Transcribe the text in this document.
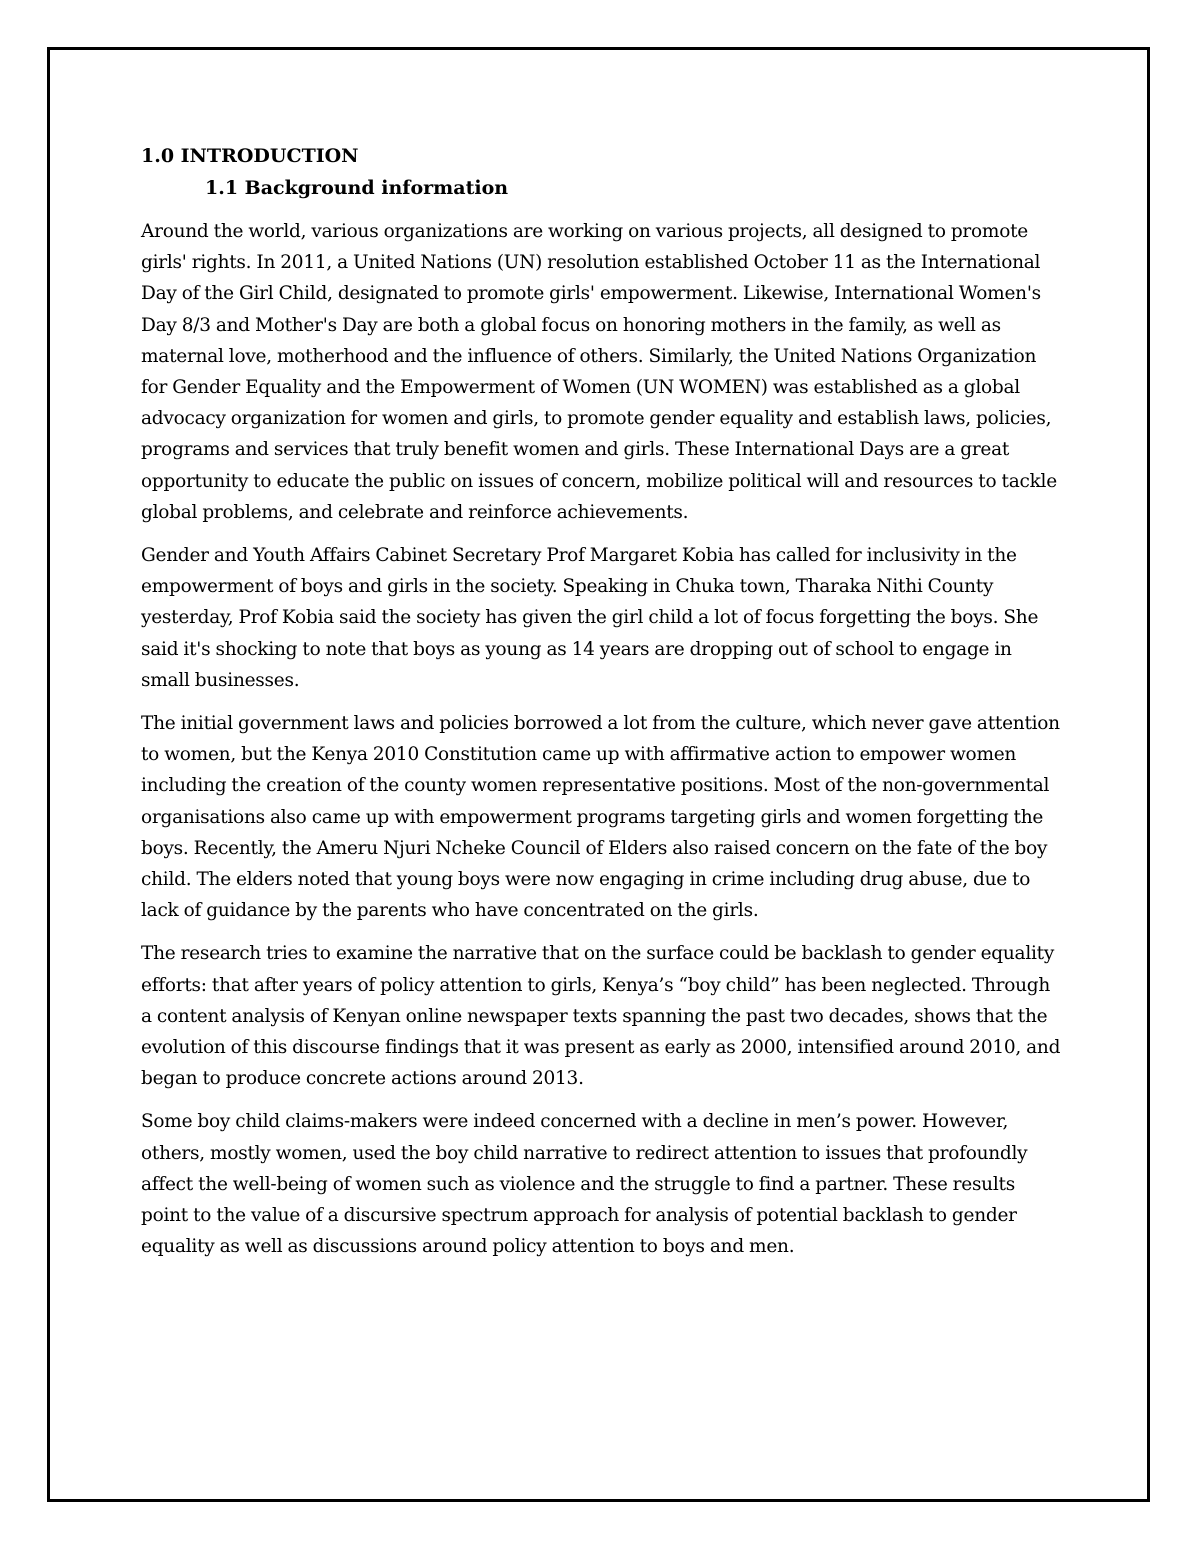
1.0 INTRODUCTION
1.1 Background information

Around the world, various organizations are working on various projects, all designed to promote girls' rights. In 2011, a United Nations (UN) resolution established October 11 as the International Day of the Girl Child, designated to promote girls' empowerment. Likewise, International Women's Day 8/3 and Mother's Day are both a global focus on honoring mothers in the family, as well as maternal love, motherhood and the influence of others. Similarly, the United Nations Organization for Gender Equality and the Empowerment of Women (UN WOMEN) was established as a global advocacy organization for women and girls, to promote gender equality and establish laws, policies, programs and services that truly benefit women and girls. These International Days are a great opportunity to educate the public on issues of concern, mobilize political will and resources to tackle global problems, and celebrate and reinforce achievements.

Gender and Youth Affairs Cabinet Secretary Prof Margaret Kobia has called for inclusivity in the empowerment of boys and girls in the society. Speaking in Chuka town, Tharaka Nithi County yesterday, Prof Kobia said the society has given the girl child a lot of focus forgetting the boys. She said it's shocking to note that boys as young as 14 years are dropping out of school to engage in small businesses.

The initial government laws and policies borrowed a lot from the culture, which never gave attention to women, but the Kenya 2010 Constitution came up with affirmative action to empower women including the creation of the county women representative positions. Most of the non-governmental organisations also came up with empowerment programs targeting girls and women forgetting the boys. Recently, the Ameru Njuri Ncheke Council of Elders also raised concern on the fate of the boy child. The elders noted that young boys were now engaging in crime including drug abuse, due to lack of guidance by the parents who have concentrated on the girls.

The research tries to examine the narrative that on the surface could be backlash to gender equality efforts: that after years of policy attention to girls, Kenya’s “boy child” has been neglected. Through a content analysis of Kenyan online newspaper texts spanning the past two decades, shows that the evolution of this discourse findings that it was present as early as 2000, intensified around 2010, and began to produce concrete actions around 2013.

Some boy child claims-makers were indeed concerned with a decline in men’s power. However, others, mostly women, used the boy child narrative to redirect attention to issues that profoundly affect the well-being of women such as violence and the struggle to find a partner. These results point to the value of a discursive spectrum approach for analysis of potential backlash to gender equality as well as discussions around policy attention to boys and men.
